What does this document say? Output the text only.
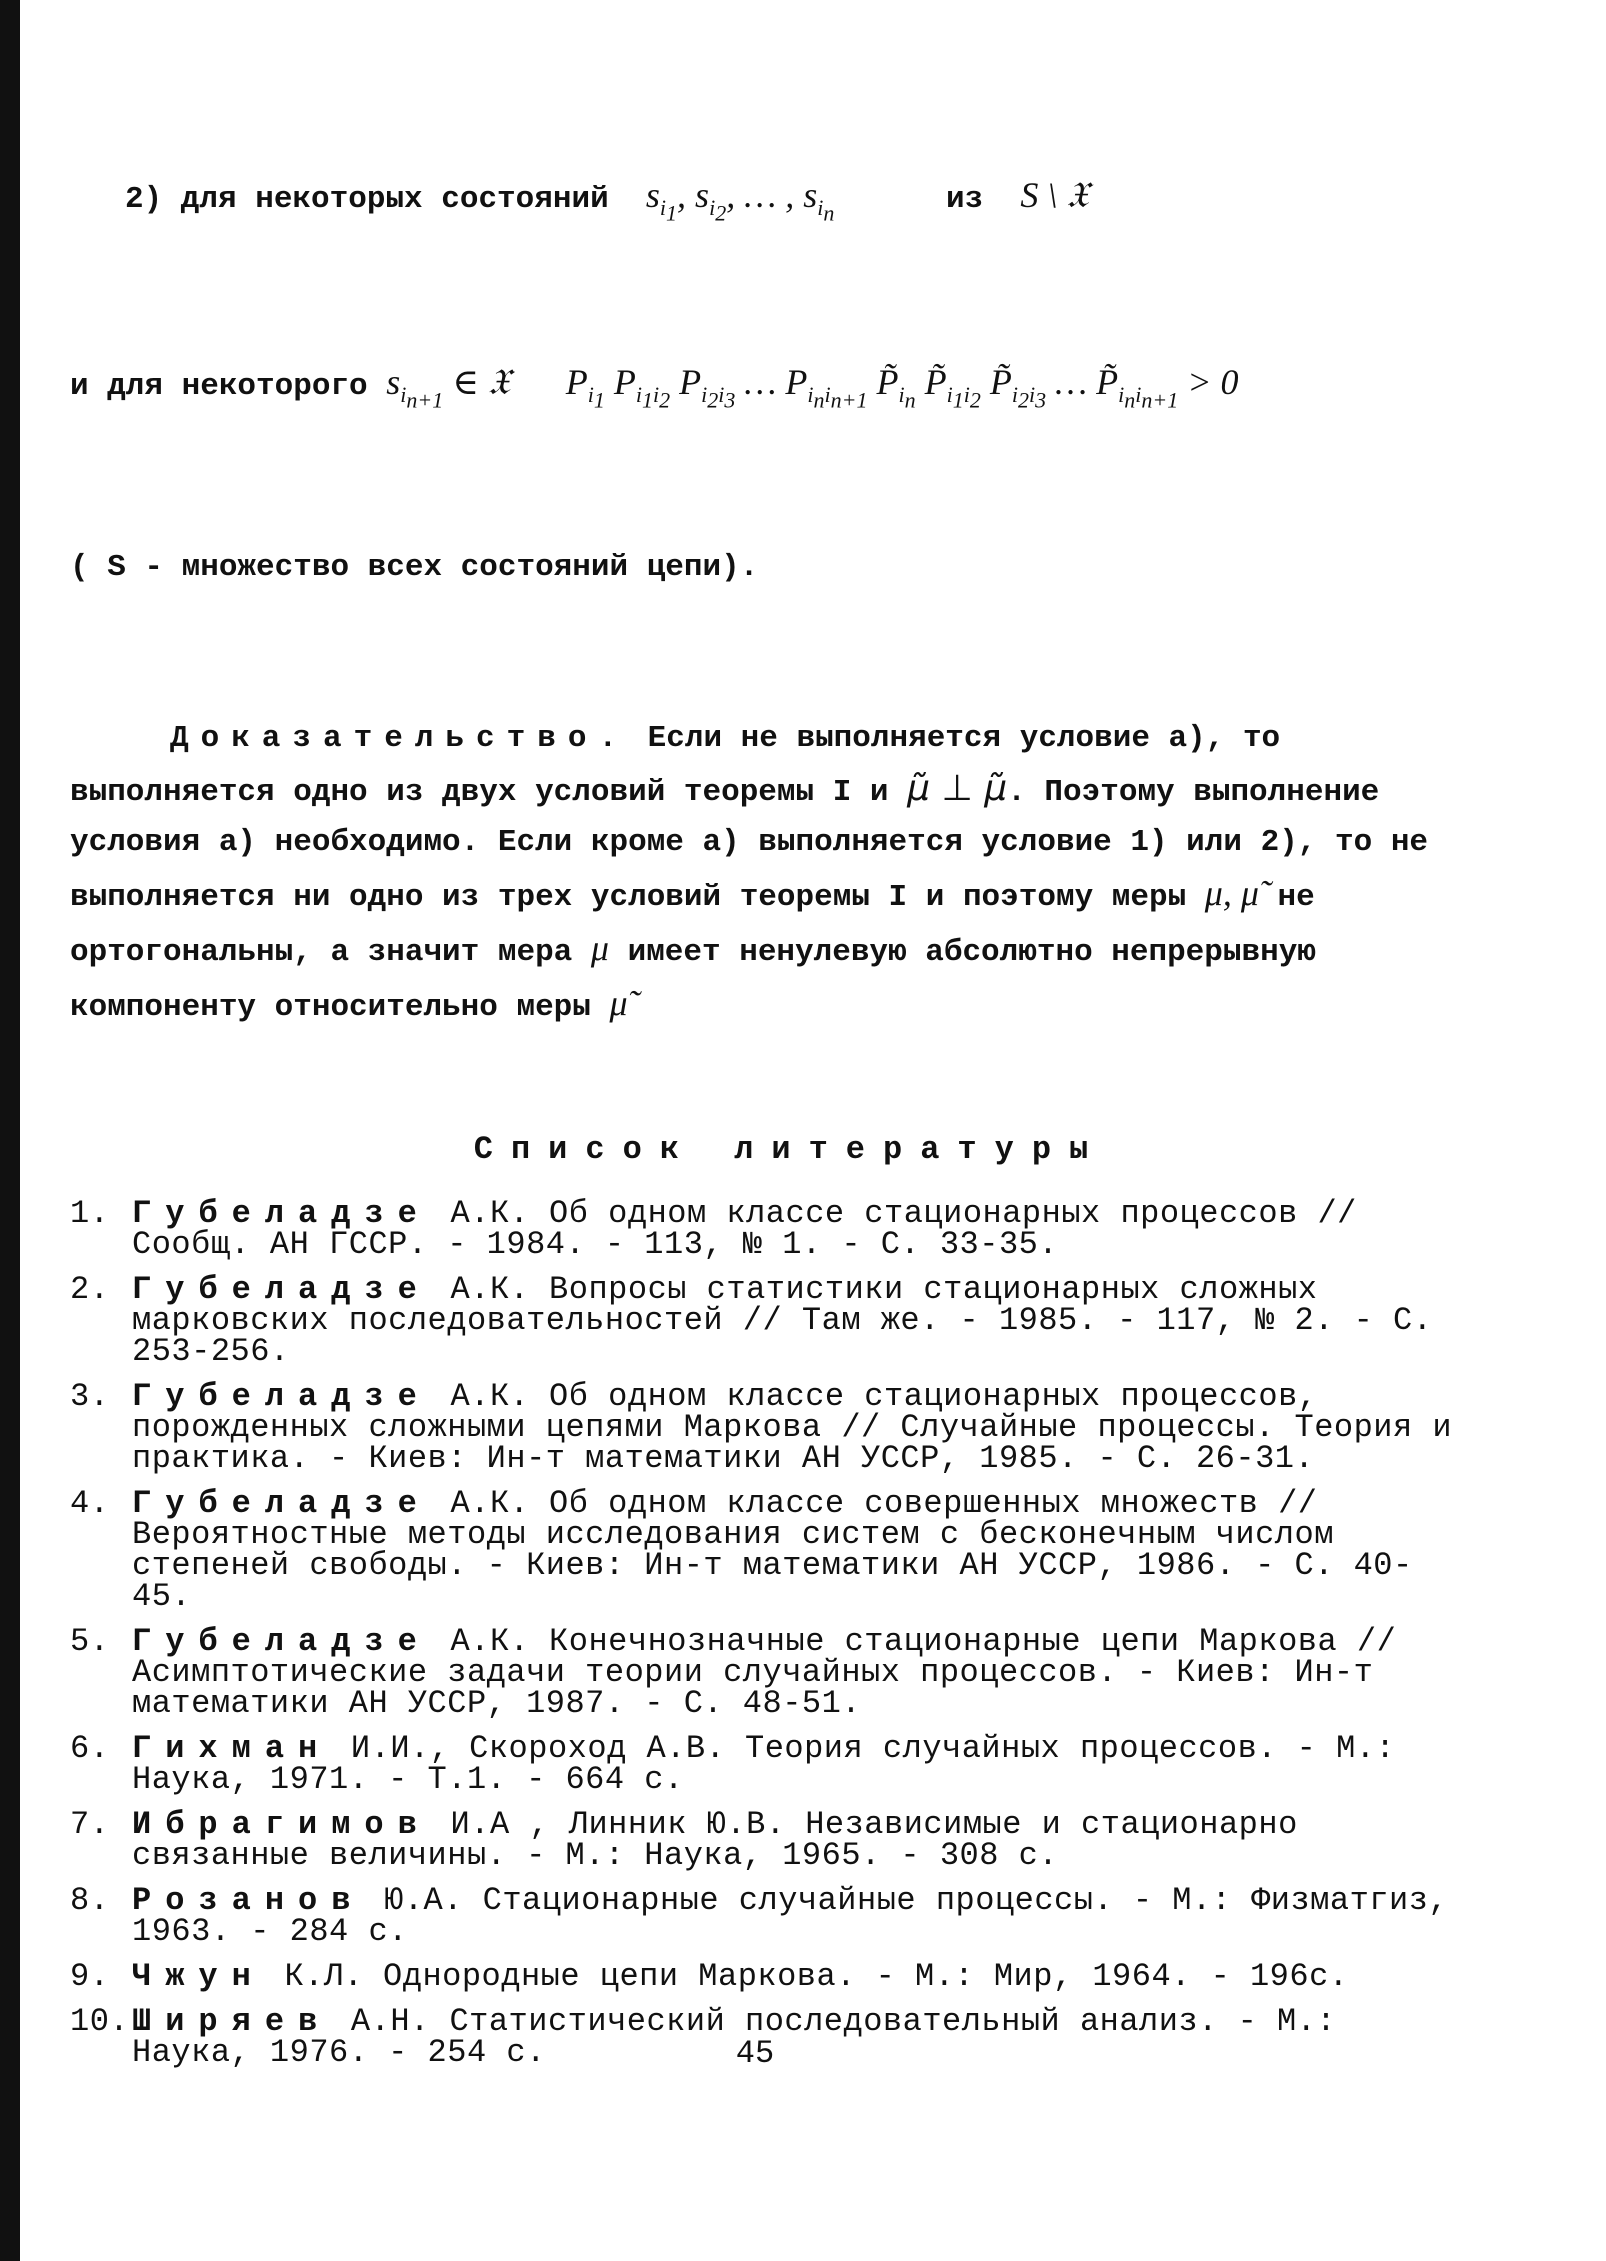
2) для некоторых состояний $s_{i_1}$, $s_{i_2}$, … , $s_{i_n}$	из S \ 𝔛

и для некоторого $s_{i_{n+1}}$ ∈ 𝔛 $P_{i_1}$ $P_{i_1i_2}$ $P_{i_2i_3}$ … $P_{i_ni_{n+1}}$ $P̃_{i_n}$ $P̃_{i_1i_2}$ $P̃_{i_2i_3}$ … $P̃_{i_ni_{n+1}} > 0$

( S - множество всех состояний цепи).

Доказательство. Если не выполняется условие а), то выполняется одно из двух условий теоремы I и μ̃ ⊥ μ̃. Поэтому выполнение условия а) необходимо. Если кроме а) выполняется условие 1) или 2), то не выполняется ни одно из трех условий теоремы I и поэтому меры μ, μ̃ не ортогональны, а значит мера μ имеет ненулевую абсолютно непрерывную компоненту относительно меры μ̃
Список литературы
1. Губеладзе А.К. Об одном классе стационарных процессов // Сообщ. АН ГССР. - 1984. - 113, № 1. - С. 33-35.
2. Губеладзе А.К. Вопросы статистики стационарных сложных марковских последовательностей // Там же. - 1985. - 117, № 2. - С. 253-256.
3. Губеладзе А.К. Об одном классе стационарных процессов, порожденных сложными цепями Маркова // Случайные процессы. Теория и практика. - Киев: Ин-т математики АН УССР, 1985. - С. 26-31.
4. Губеладзе А.К. Об одном классе совершенных множеств // Вероятностные методы исследования систем с бесконечным числом степеней свободы. - Киев: Ин-т математики АН УССР, 1986. - С. 40-45.
5. Губеладзе А.К. Конечнозначные стационарные цепи Маркова // Асимптотические задачи теории случайных процессов. - Киев: Ин-т математики АН УССР, 1987. - С. 48-51.
6. Гихман И.И., Скороход А.В. Теория случайных процессов. - М.: Наука, 1971. - Т.1. - 664 с.
7. Ибрагимов И.А , Линник Ю.В. Независимые и стационарно связанные величины. - М.: Наука, 1965. - 308 с.
8. Розанов Ю.А. Стационарные случайные процессы. - М.: Физматгиз, 1963. - 284 с.
9. Чжун К.Л. Однородные цепи Маркова. - М.: Мир, 1964. - 196с.
10. Ширяев А.Н. Статистический последовательный анализ. - М.: Наука, 1976. - 254 с.	45
